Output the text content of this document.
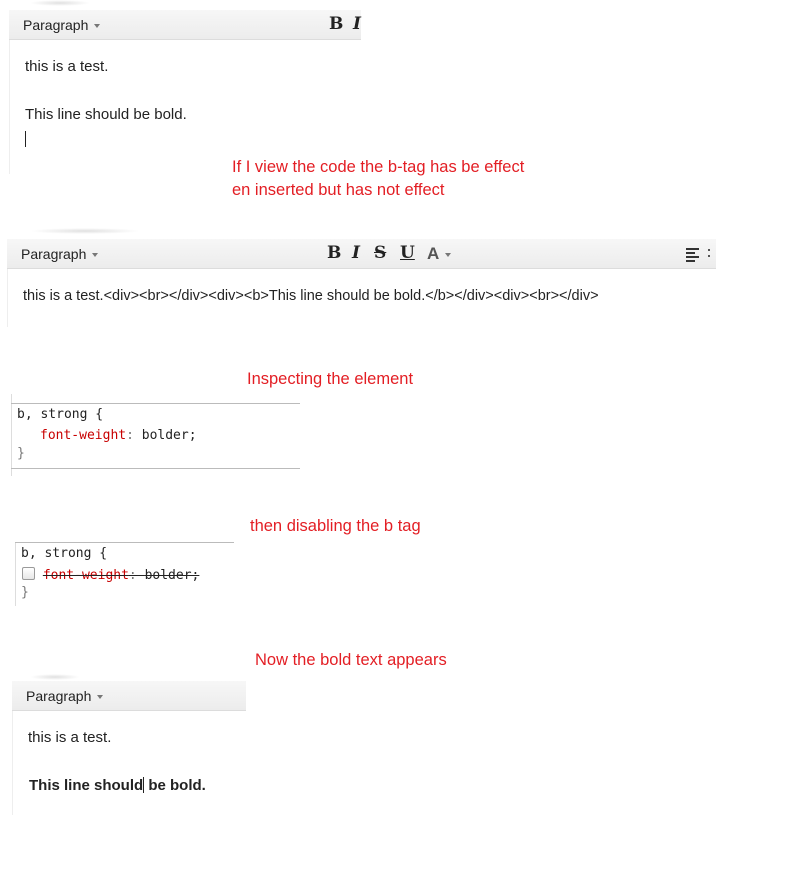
Paragraph	B I
this is a test.
This line should be bold.
If I view the code the b-tag has be effect
en inserted but has not effect
Paragraph	B I S U A
this is a test.<div><br></div><div><b>This line should be bold.</b></div><div><br></div>
Inspecting the element
b, strong {
font-weight: bolder;
}
then disabling the b tag
b, strong {
font-weight: bolder;
}
Now the bold text appears
Paragraph
this is a test.
This line should be bold.
